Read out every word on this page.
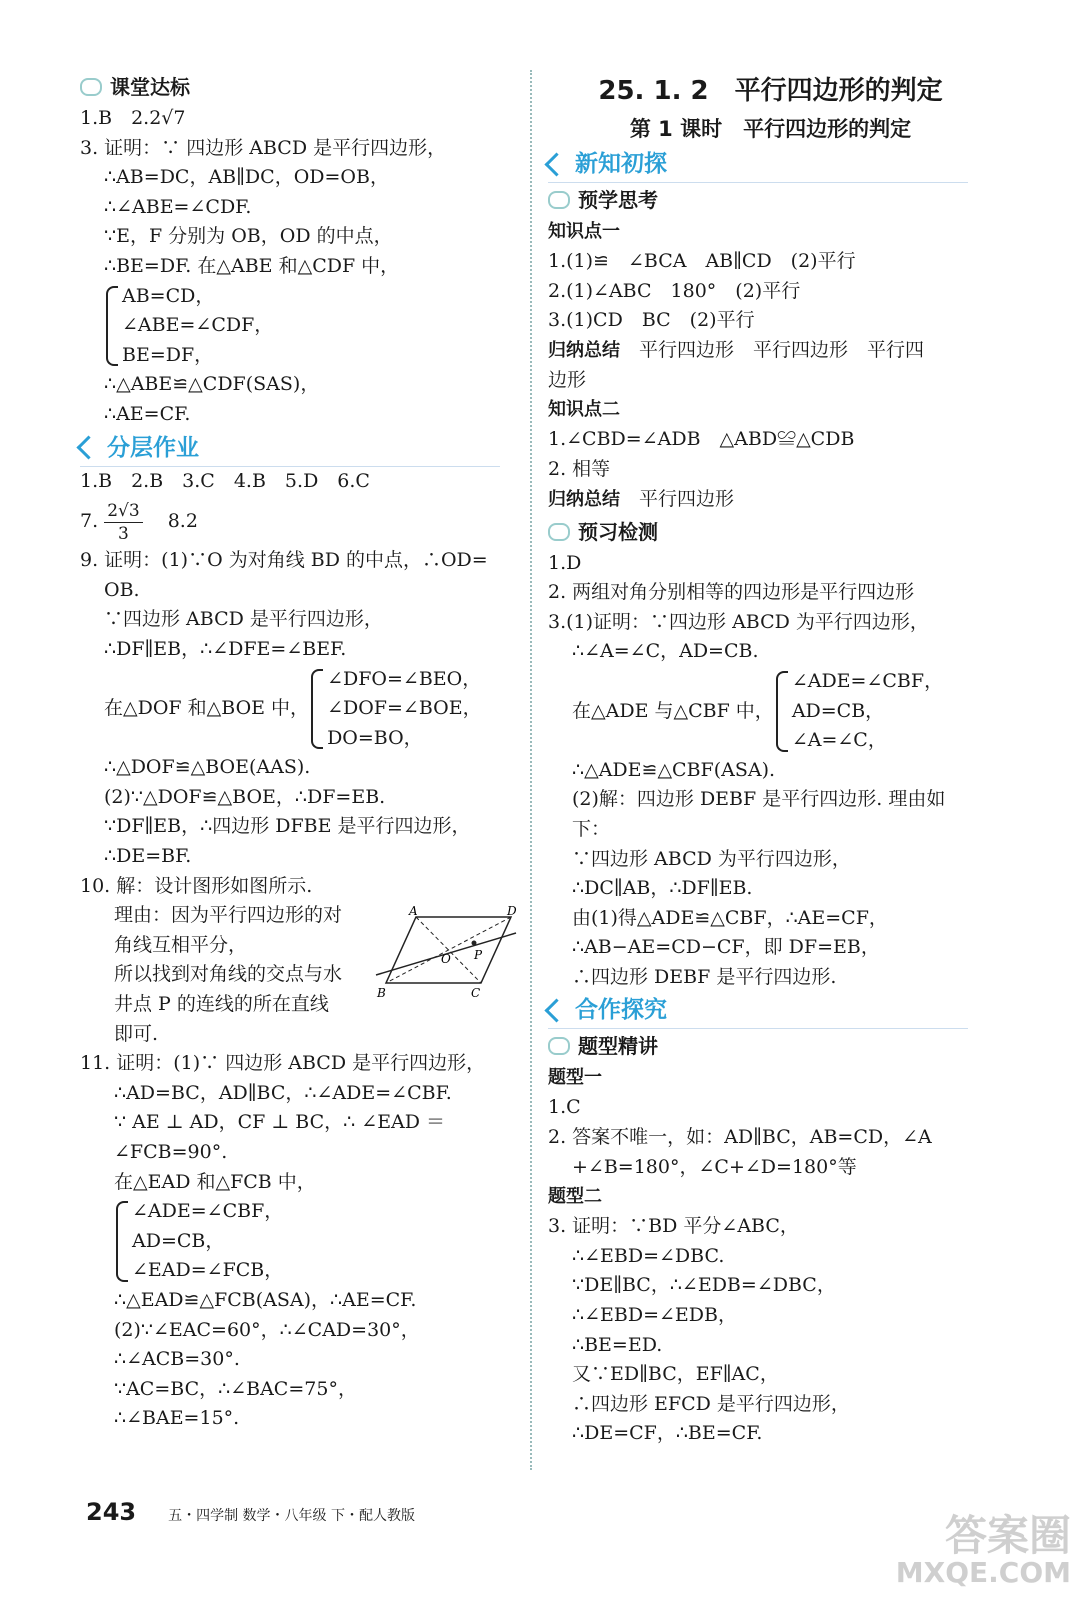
课堂达标
1.B　2.2√7
3. 证明：∵ 四边形 ABCD 是平行四边形，
∴AB=DC，AB∥DC，OD=OB，
∴∠ABE=∠CDF.
∵E，F 分别为 OB，OD 的中点，
∴BE=DF. 在△ABE 和△CDF 中，
AB=CD，
∠ABE=∠CDF，
BE=DF，
∴△ABE≌△CDF(SAS)，
∴AE=CF.
分层作业
1.B　2.B　3.C　4.B　5.D　6.C
7. $\frac{2√3}{3}$ 　8.2
9. 证明：(1)∵O 为对角线 BD 的中点，∴OD=
OB.
∵四边形 ABCD 是平行四边形，
∴DF∥EB，∴∠DFE=∠BEF.
在△DOF 和△BOE 中，
∠DFO=∠BEO，
∠DOF=∠BOE，
DO=BO，
∴△DOF≌△BOE(AAS).
(2)∵△DOF≌△BOE，∴DF=EB.
∵DF∥EB，∴四边形 DFBE 是平行四边形，
∴DE=BF.
10. 解：设计图形如图所示.
理由：因为平行四边形的对
角线互相平分，
所以找到对角线的交点与水
井点 P 的连线的所在直线
即可.
A	D
B	C
O P
11. 证明：(1)∵ 四边形 ABCD 是平行四边形，
∴AD=BC，AD∥BC，∴∠ADE=∠CBF.
∵ AE ⊥ AD，CF ⊥ BC，∴ ∠EAD ＝
∠FCB=90°.
在△EAD 和△FCB 中，
∠ADE=∠CBF，
AD=CB，
∠EAD=∠FCB，
∴△EAD≌△FCB(ASA)，∴AE=CF.
(2)∵∠EAC=60°，∴∠CAD=30°，
∴∠ACB=30°.
∵AC=BC，∴∠BAC=75°，
∴∠BAE=15°.
25. 1. 2　平行四边形的判定
第 1 课时　平行四边形的判定
新知初探
预学思考
知识点一
1.(1)≌　∠BCA　AB∥CD　(2)平行
2.(1)∠ABC　180°　(2)平行
3.(1)CD　BC　(2)平行
归纳总结　 平行四边形　平行四边形　平行四
边形
知识点二
1.∠CBD=∠ADB　△ABD≌△CDB
2. 相等
归纳总结　 平行四边形
预习检测
1.D
2. 两组对角分别相等的四边形是平行四边形
3.(1)证明：∵四边形 ABCD 为平行四边形，
∴∠A=∠C，AD=CB.
在△ADE 与△CBF 中，
∠ADE=∠CBF，
AD=CB，
∠A=∠C，
∴△ADE≌△CBF(ASA).
(2)解：四边形 DEBF 是平行四边形. 理由如
下：
∵四边形 ABCD 为平行四边形，
∴DC∥AB，∴DF∥EB.
由(1)得△ADE≌△CBF，∴AE=CF，
∴AB−AE=CD−CF，即 DF=EB，
∴四边形 DEBF 是平行四边形.
合作探究
题型精讲
题型一
1.C
2. 答案不唯一，如：AD∥BC，AB=CD，∠A
+∠B=180°，∠C+∠D=180°等
题型二
3. 证明：∵BD 平分∠ABC，
∴∠EBD=∠DBC.
∵DE∥BC，∴∠EDB=∠DBC，
∴∠EBD=∠EDB，
∴BE=ED.
又∵ED∥BC，EF∥AC，
∴四边形 EFCD 是平行四边形，
∴DE=CF，∴BE=CF.
243 五・四学制 数学・八年级 下・配人教版	答案圈
MXQE.COM
